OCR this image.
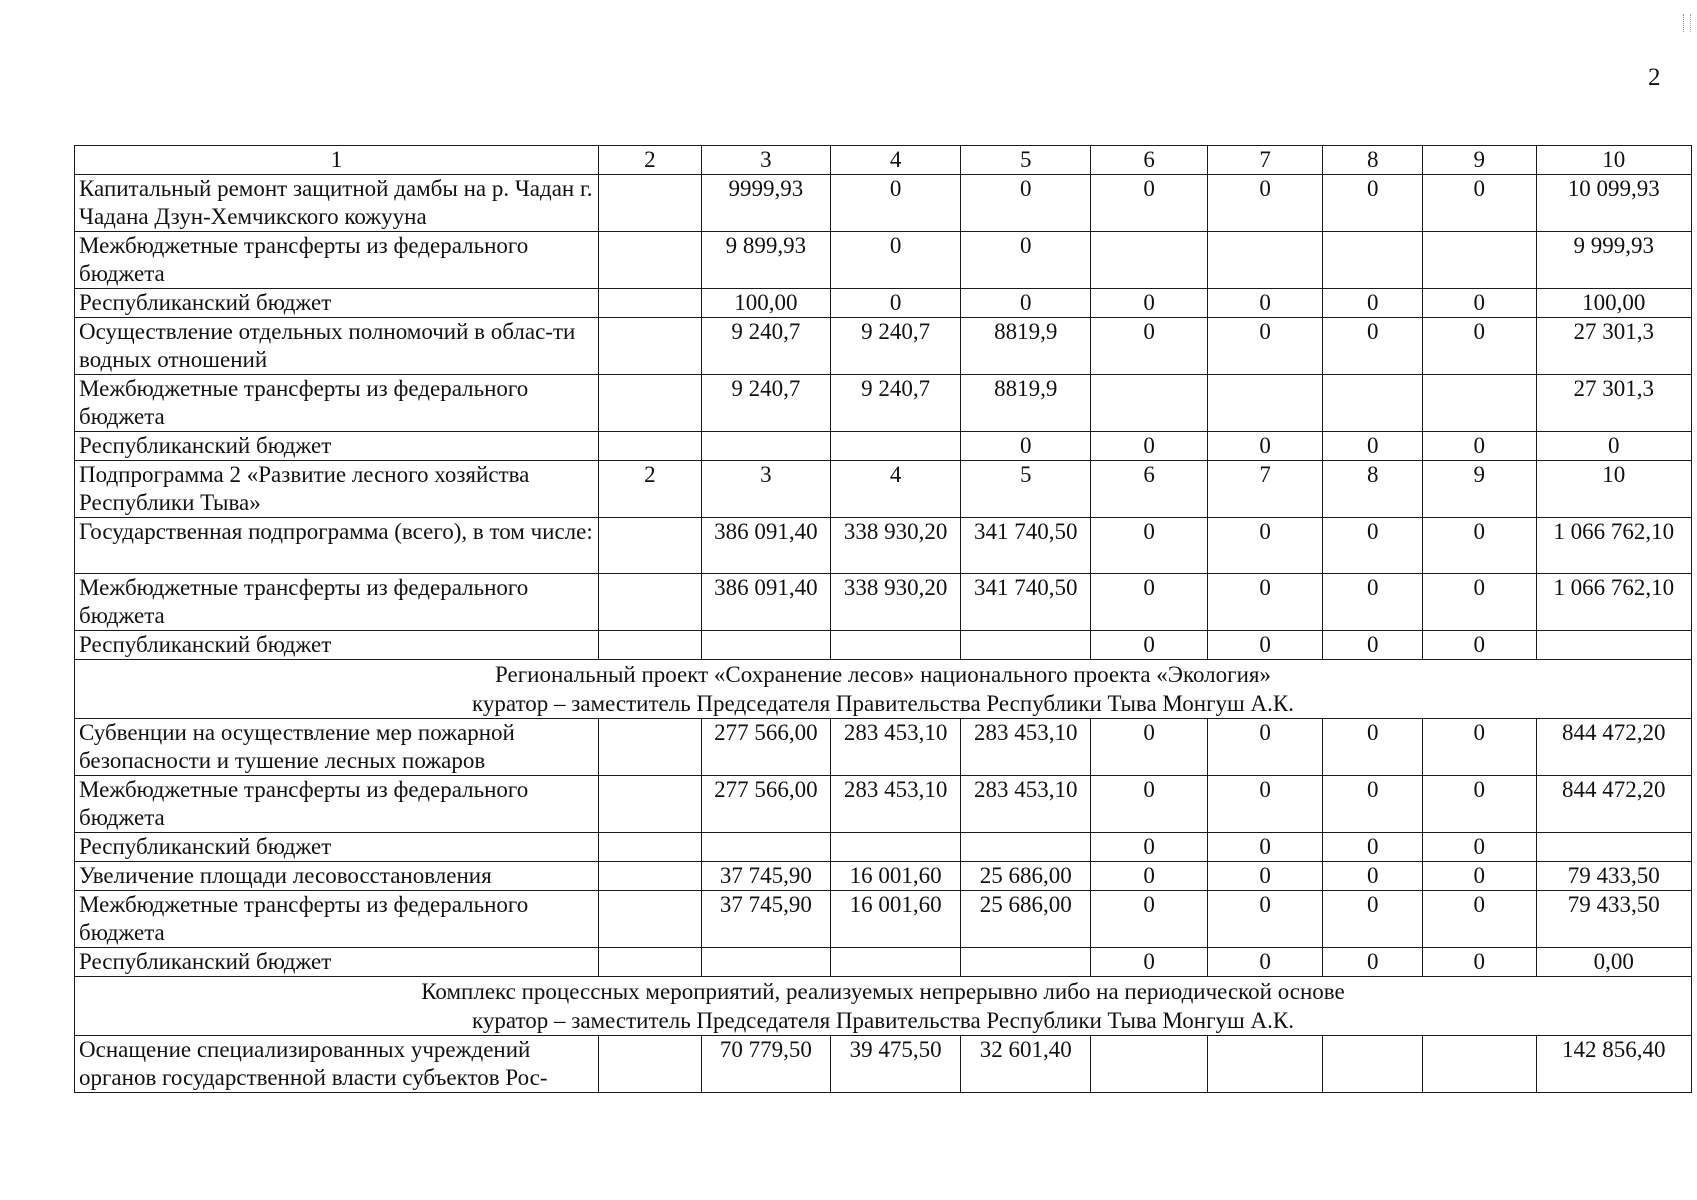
2
1	2	3	4	5	6	7	8	9	10
Капитальный ремонт защитной дамбы на р. Чадан г. Чадана Дзун-Хемчикского кожууна		9999,93	0	0	0	0	0	0	10 099,93
Межбюджетные трансферты из федерального бюджета		9 899,93	0	0					9 999,93
Республиканский бюджет		100,00	0	0	0	0	0	0	100,00
Осуществление отдельных полномочий в облас-ти водных отношений		9 240,7	9 240,7	8819,9	0	0	0	0	27 301,3
Межбюджетные трансферты из федерального бюджета		9 240,7	9 240,7	8819,9					27 301,3
Республиканский бюджет				0	0	0	0	0	0
Подпрограмма 2 «Развитие лесного хозяйства Республики Тыва»	2	3	4	5	6	7	8	9	10
Государственная подпрограмма (всего), в том числе:		386 091,40	338 930,20	341 740,50	0	0	0	0	1 066 762,10
Межбюджетные трансферты из федерального бюджета		386 091,40	338 930,20	341 740,50	0	0	0	0	1 066 762,10
Республиканский бюджет					0	0	0	0	

Региональный проект «Сохранение лесов» национального проекта «Экология»
куратор – заместитель Председателя Правительства Республики Тыва Монгуш А.К.									

Субвенции на осуществление мер пожарной безопасности и тушение лесных пожаров		277 566,00	283 453,10	283 453,10	0	0	0	0	844 472,20
Межбюджетные трансферты из федерального бюджета		277 566,00	283 453,10	283 453,10	0	0	0	0	844 472,20
Республиканский бюджет					0	0	0	0	
Увеличение площади лесовосстановления		37 745,90	16 001,60	25 686,00	0	0	0	0	79 433,50
Межбюджетные трансферты из федерального бюджета		37 745,90	16 001,60	25 686,00	0	0	0	0	79 433,50
Республиканский бюджет					0	0	0	0	0,00

Комплекс процессных мероприятий, реализуемых непрерывно либо на периодической основе
куратор – заместитель Председателя Правительства Республики Тыва Монгуш А.К.									

Оснащение специализированных учреждений органов государственной власти субъектов Рос-		70 779,50	39 475,50	32 601,40					142 856,40
